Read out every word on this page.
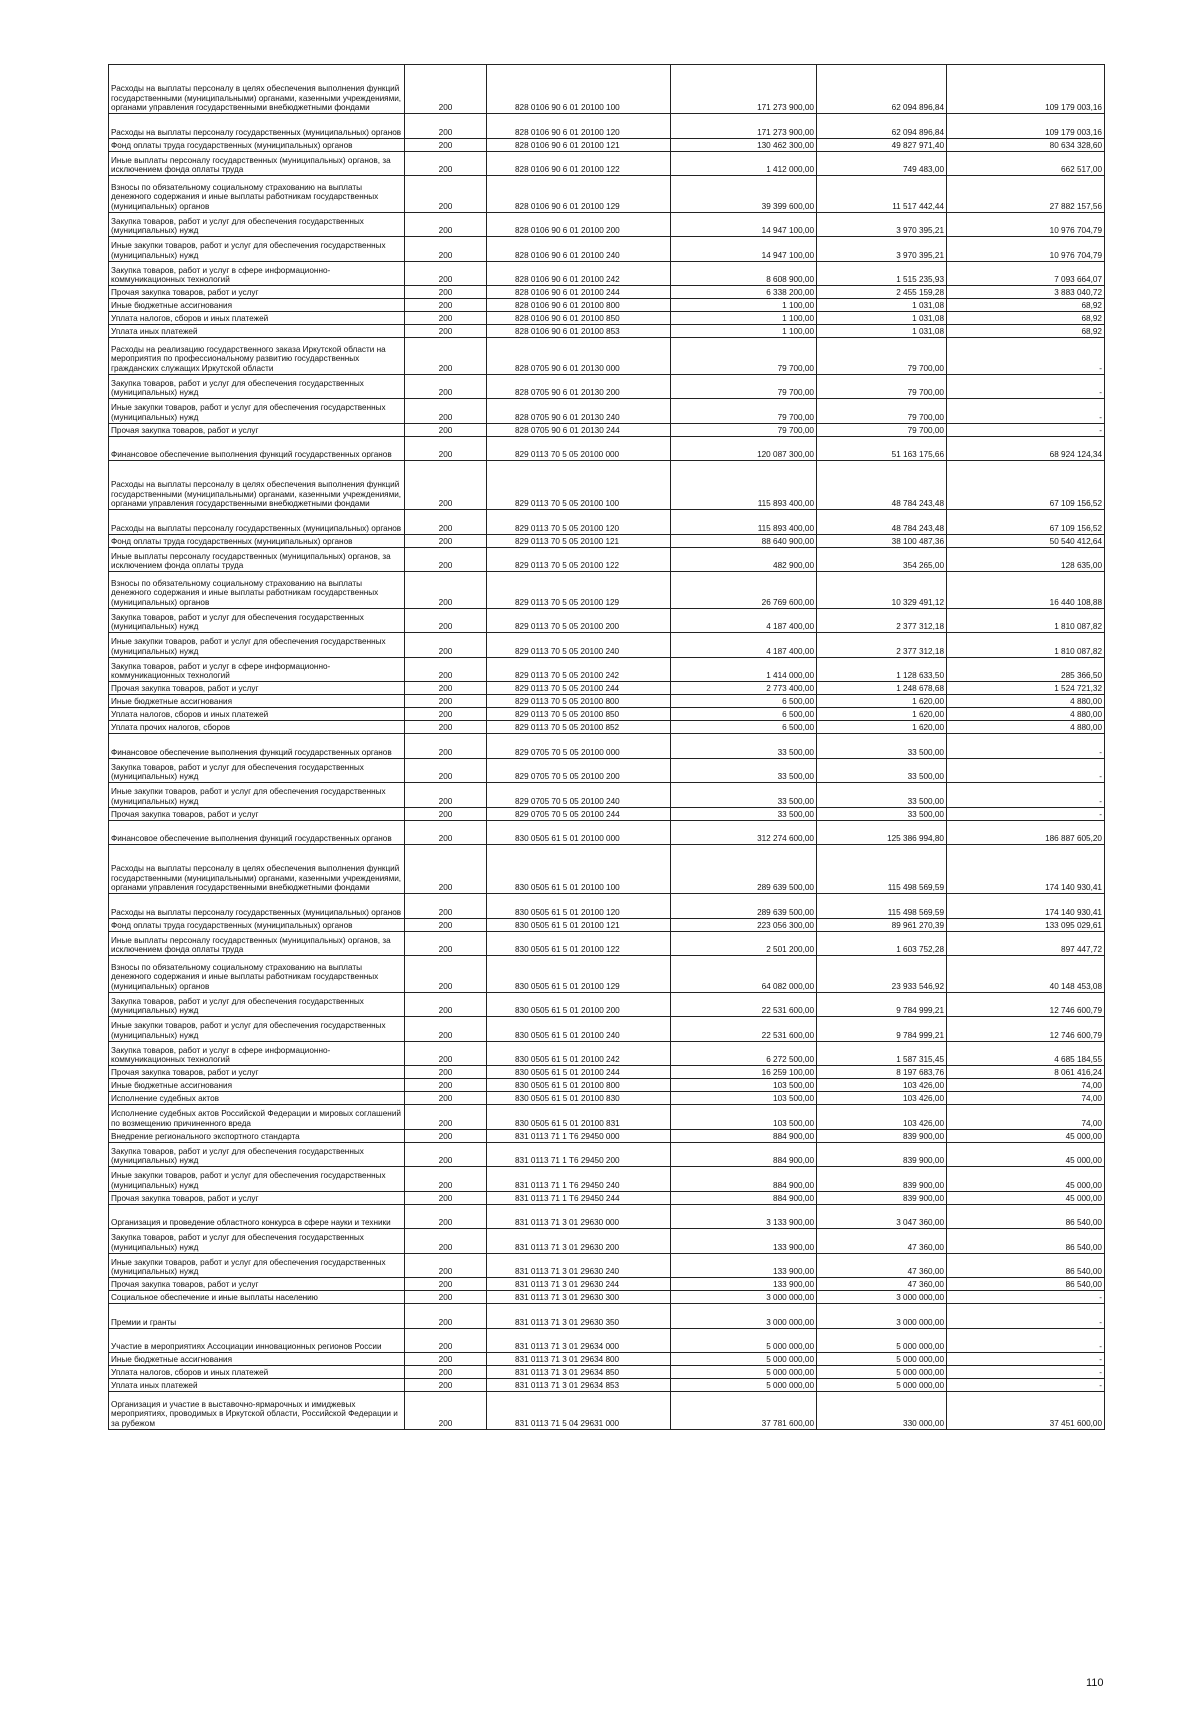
Расходы на выплаты персоналу в целях обеспечения выполнения функций государственными (муниципальными) органами, казенными учреждениями, органами управления государственными внебюджетными фондами	200	828 0106 90 6 01 20100 100	171 273 900,00	62 094 896,84	109 179 003,16
Расходы на выплаты персоналу государственных (муниципальных) органов	200	828 0106 90 6 01 20100 120	171 273 900,00	62 094 896,84	109 179 003,16
Фонд оплаты труда государственных (муниципальных) органов	200	828 0106 90 6 01 20100 121	130 462 300,00	49 827 971,40	80 634 328,60
Иные выплаты персоналу государственных (муниципальных) органов, за исключением фонда оплаты труда	200	828 0106 90 6 01 20100 122	1 412 000,00	749 483,00	662 517,00
Взносы по обязательному социальному страхованию на выплаты денежного содержания и иные выплаты работникам государственных (муниципальных) органов	200	828 0106 90 6 01 20100 129	39 399 600,00	11 517 442,44	27 882 157,56
Закупка товаров, работ и услуг для обеспечения государственных (муниципальных) нужд	200	828 0106 90 6 01 20100 200	14 947 100,00	3 970 395,21	10 976 704,79
Иные закупки товаров, работ и услуг для обеспечения государственных (муниципальных) нужд	200	828 0106 90 6 01 20100 240	14 947 100,00	3 970 395,21	10 976 704,79
Закупка товаров, работ и услуг в сфере информационно-коммуникационных технологий	200	828 0106 90 6 01 20100 242	8 608 900,00	1 515 235,93	7 093 664,07
Прочая закупка товаров, работ и услуг	200	828 0106 90 6 01 20100 244	6 338 200,00	2 455 159,28	3 883 040,72
Иные бюджетные ассигнования	200	828 0106 90 6 01 20100 800	1 100,00	1 031,08	68,92
Уплата налогов, сборов и иных платежей	200	828 0106 90 6 01 20100 850	1 100,00	1 031,08	68,92
Уплата иных платежей	200	828 0106 90 6 01 20100 853	1 100,00	1 031,08	68,92
Расходы на реализацию государственного заказа Иркутской области на мероприятия по профессиональному развитию государственных гражданских служащих Иркутской области	200	828 0705 90 6 01 20130 000	79 700,00	79 700,00	-
Закупка товаров, работ и услуг для обеспечения государственных (муниципальных) нужд	200	828 0705 90 6 01 20130 200	79 700,00	79 700,00	-
Иные закупки товаров, работ и услуг для обеспечения государственных (муниципальных) нужд	200	828 0705 90 6 01 20130 240	79 700,00	79 700,00	-
Прочая закупка товаров, работ и услуг	200	828 0705 90 6 01 20130 244	79 700,00	79 700,00	-
Финансовое обеспечение выполнения функций государственных органов	200	829 0113 70 5 05 20100 000	120 087 300,00	51 163 175,66	68 924 124,34
Расходы на выплаты персоналу в целях обеспечения выполнения функций государственными (муниципальными) органами, казенными учреждениями, органами управления государственными внебюджетными фондами	200	829 0113 70 5 05 20100 100	115 893 400,00	48 784 243,48	67 109 156,52
Расходы на выплаты персоналу государственных (муниципальных) органов	200	829 0113 70 5 05 20100 120	115 893 400,00	48 784 243,48	67 109 156,52
Фонд оплаты труда государственных (муниципальных) органов	200	829 0113 70 5 05 20100 121	88 640 900,00	38 100 487,36	50 540 412,64
Иные выплаты персоналу государственных (муниципальных) органов, за исключением фонда оплаты труда	200	829 0113 70 5 05 20100 122	482 900,00	354 265,00	128 635,00
Взносы по обязательному социальному страхованию на выплаты денежного содержания и иные выплаты работникам государственных (муниципальных) органов	200	829 0113 70 5 05 20100 129	26 769 600,00	10 329 491,12	16 440 108,88
Закупка товаров, работ и услуг для обеспечения государственных (муниципальных) нужд	200	829 0113 70 5 05 20100 200	4 187 400,00	2 377 312,18	1 810 087,82
Иные закупки товаров, работ и услуг для обеспечения государственных (муниципальных) нужд	200	829 0113 70 5 05 20100 240	4 187 400,00	2 377 312,18	1 810 087,82
Закупка товаров, работ и услуг в сфере информационно-коммуникационных технологий	200	829 0113 70 5 05 20100 242	1 414 000,00	1 128 633,50	285 366,50
Прочая закупка товаров, работ и услуг	200	829 0113 70 5 05 20100 244	2 773 400,00	1 248 678,68	1 524 721,32
Иные бюджетные ассигнования	200	829 0113 70 5 05 20100 800	6 500,00	1 620,00	4 880,00
Уплата налогов, сборов и иных платежей	200	829 0113 70 5 05 20100 850	6 500,00	1 620,00	4 880,00
Уплата прочих налогов, сборов	200	829 0113 70 5 05 20100 852	6 500,00	1 620,00	4 880,00
Финансовое обеспечение выполнения функций государственных органов	200	829 0705 70 5 05 20100 000	33 500,00	33 500,00	-
Закупка товаров, работ и услуг для обеспечения государственных (муниципальных) нужд	200	829 0705 70 5 05 20100 200	33 500,00	33 500,00	-
Иные закупки товаров, работ и услуг для обеспечения государственных (муниципальных) нужд	200	829 0705 70 5 05 20100 240	33 500,00	33 500,00	-
Прочая закупка товаров, работ и услуг	200	829 0705 70 5 05 20100 244	33 500,00	33 500,00	-
Финансовое обеспечение выполнения функций государственных органов	200	830 0505 61 5 01 20100 000	312 274 600,00	125 386 994,80	186 887 605,20
Расходы на выплаты персоналу в целях обеспечения выполнения функций государственными (муниципальными) органами, казенными учреждениями, органами управления государственными внебюджетными фондами	200	830 0505 61 5 01 20100 100	289 639 500,00	115 498 569,59	174 140 930,41
Расходы на выплаты персоналу государственных (муниципальных) органов	200	830 0505 61 5 01 20100 120	289 639 500,00	115 498 569,59	174 140 930,41
Фонд оплаты труда государственных (муниципальных) органов	200	830 0505 61 5 01 20100 121	223 056 300,00	89 961 270,39	133 095 029,61
Иные выплаты персоналу государственных (муниципальных) органов, за исключением фонда оплаты труда	200	830 0505 61 5 01 20100 122	2 501 200,00	1 603 752,28	897 447,72
Взносы по обязательному социальному страхованию на выплаты денежного содержания и иные выплаты работникам государственных (муниципальных) органов	200	830 0505 61 5 01 20100 129	64 082 000,00	23 933 546,92	40 148 453,08
Закупка товаров, работ и услуг для обеспечения государственных (муниципальных) нужд	200	830 0505 61 5 01 20100 200	22 531 600,00	9 784 999,21	12 746 600,79
Иные закупки товаров, работ и услуг для обеспечения государственных (муниципальных) нужд	200	830 0505 61 5 01 20100 240	22 531 600,00	9 784 999,21	12 746 600,79
Закупка товаров, работ и услуг в сфере информационно-коммуникационных технологий	200	830 0505 61 5 01 20100 242	6 272 500,00	1 587 315,45	4 685 184,55
Прочая закупка товаров, работ и услуг	200	830 0505 61 5 01 20100 244	16 259 100,00	8 197 683,76	8 061 416,24
Иные бюджетные ассигнования	200	830 0505 61 5 01 20100 800	103 500,00	103 426,00	74,00
Исполнение судебных актов	200	830 0505 61 5 01 20100 830	103 500,00	103 426,00	74,00
Исполнение судебных актов Российской Федерации и мировых соглашений по возмещению причиненного вреда	200	830 0505 61 5 01 20100 831	103 500,00	103 426,00	74,00
Внедрение регионального экспортного стандарта	200	831 0113 71 1 Т6 29450 000	884 900,00	839 900,00	45 000,00
Закупка товаров, работ и услуг для обеспечения государственных (муниципальных) нужд	200	831 0113 71 1 Т6 29450 200	884 900,00	839 900,00	45 000,00
Иные закупки товаров, работ и услуг для обеспечения государственных (муниципальных) нужд	200	831 0113 71 1 Т6 29450 240	884 900,00	839 900,00	45 000,00
Прочая закупка товаров, работ и услуг	200	831 0113 71 1 Т6 29450 244	884 900,00	839 900,00	45 000,00
Организация и проведение областного конкурса в сфере науки и техники	200	831 0113 71 3 01 29630 000	3 133 900,00	3 047 360,00	86 540,00
Закупка товаров, работ и услуг для обеспечения государственных (муниципальных) нужд	200	831 0113 71 3 01 29630 200	133 900,00	47 360,00	86 540,00
Иные закупки товаров, работ и услуг для обеспечения государственных (муниципальных) нужд	200	831 0113 71 3 01 29630 240	133 900,00	47 360,00	86 540,00
Прочая закупка товаров, работ и услуг	200	831 0113 71 3 01 29630 244	133 900,00	47 360,00	86 540,00
Социальное обеспечение и иные выплаты населению	200	831 0113 71 3 01 29630 300	3 000 000,00	3 000 000,00	-
Премии и гранты	200	831 0113 71 3 01 29630 350	3 000 000,00	3 000 000,00	-
Участие в мероприятиях Ассоциации инновационных регионов России	200	831 0113 71 3 01 29634 000	5 000 000,00	5 000 000,00	-
Иные бюджетные ассигнования	200	831 0113 71 3 01 29634 800	5 000 000,00	5 000 000,00	-
Уплата налогов, сборов и иных платежей	200	831 0113 71 3 01 29634 850	5 000 000,00	5 000 000,00	-
Уплата иных платежей	200	831 0113 71 3 01 29634 853	5 000 000,00	5 000 000,00	-
Организация и участие в выставочно-ярмарочных и имиджевых мероприятиях, проводимых в Иркутской области, Российской Федерации и за рубежом	200	831 0113 71 5 04 29631 000	37 781 600,00	330 000,00	37 451 600,00
110
